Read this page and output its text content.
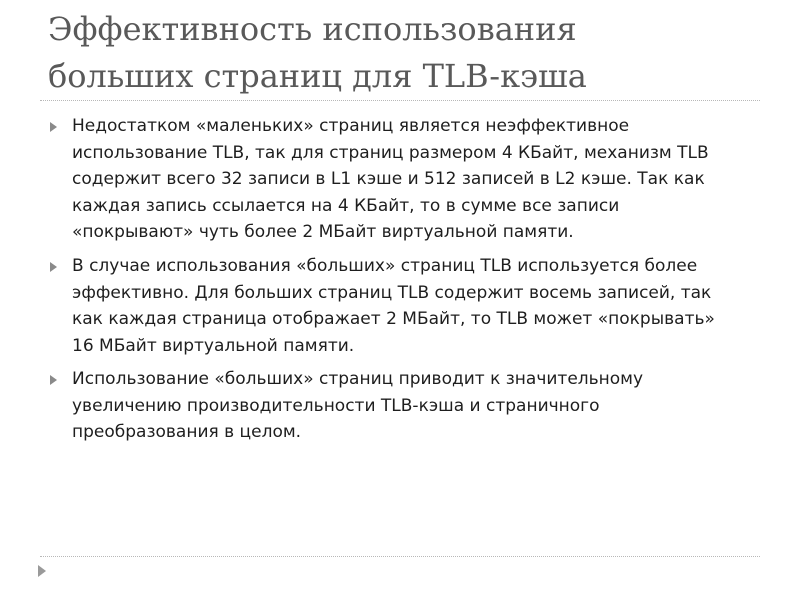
Эффективность использования
больших страниц для TLB-кэша
Недостатком «маленьких» страниц является неэффективное
использование TLB, так для страниц размером 4 КБайт, механизм TLB
содержит всего 32 записи в L1 кэше и 512 записей в L2 кэше. Так как
каждая запись ссылается на 4 КБайт, то в сумме все записи
«покрывают» чуть более 2 МБайт виртуальной памяти.
В случае использования «больших» страниц TLB используется более
эффективно. Для больших страниц TLB содержит восемь записей, так
как каждая страница отображает 2 МБайт, то TLB может «покрывать»
16 МБайт виртуальной памяти.
Использование «больших» страниц приводит к значительному
увеличению производительности TLB-кэша и страничного
преобразования в целом.
